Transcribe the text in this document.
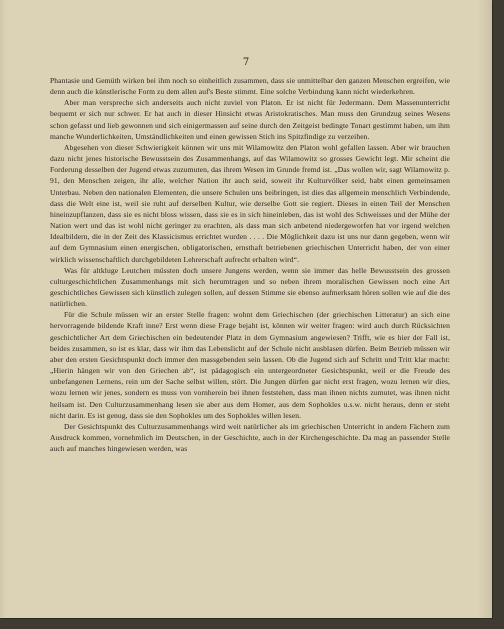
7

Phantasie und Gemüth wirken bei ihm noch so einheitlich zusammen, dass sie unmittelbar den ganzen Menschen ergreifen, wie denn auch die künstlerische Form zu dem allen auf's Beste stimmt. Eine solche Verbindung kann nicht wiederkehren.

Aber man verspreche sich anderseits auch nicht zuviel von Platon. Er ist nicht für Jedermann. Dem Massenunterricht bequemt er sich nur schwer. Er hat auch in dieser Hinsicht etwas Aristokratisches. Man muss den Grundzug seines Wesens schon gefasst und lieb gewonnen und sich einigermassen auf seine durch den Zeitgeist bedingte Tonart gestimmt haben, um ihm manche Wunderlichkeiten, Umständlichkeiten und einen gewissen Stich ins Spitzfindige zu verzeihen.

Abgesehen von dieser Schwierigkeit können wir uns mit Wilamowitz den Platon wohl gefallen lassen. Aber wir brauchen dazu nicht jenes historische Bewusstsein des Zusammenhangs, auf das Wilamowitz so grosses Gewicht legt. Mir scheint die Forderung desselben der Jugend etwas zuzumuten, das ihrem Wesen im Grunde fremd ist. „Das wollen wir, sagt Wilamowitz p. 91, den Menschen zeigen, ihr alle, welcher Nation ihr auch seid, soweit ihr Kulturvölker seid, habt einen gemeinsamen Unterbau. Neben den nationalen Elementen, die unsere Schulen uns beibringen, ist dies das allgemein menschlich Verbindende, dass die Welt eine ist, weil sie ruht auf derselben Kultur, wie derselbe Gott sie regiert. Dieses in einen Teil der Menschen hineinzupflanzen, dass sie es nicht bloss wissen, dass sie es in sich hineinleben, das ist wohl des Schweisses und der Mühe der Nation wert und das ist wohl nicht geringer zu erachten, als dass man sich anbetend niedergeworfen hat vor irgend welchen Idealbildern, die in der Zeit des Klassicismus errichtet wurden . . . . Die Möglichkeit dazu ist uns nur dann gegeben, wenn wir auf dem Gymnasium einen energischen, obligatorischen, ernsthaft betriebenen griechischen Unterricht haben, der von einer wirklich wissenschaftlich durchgebildeten Lehrerschaft aufrecht erhalten wird“.

Was für altkluge Leutchen müssten doch unsere Jungens werden, wenn sie immer das helle Bewusstsein des grossen culturgeschichtlichen Zusammenhangs mit sich herumtragen und so neben ihrem moralischen Gewissen noch eine Art geschichtliches Gewissen sich künstlich zulegen sollen, auf dessen Stimme sie ebenso aufmerksam hören sollen wie auf die des natürlichen.

Für die Schule müssen wir an erster Stelle fragen: wohnt dem Griechischen (der griechischen Litteratur) an sich eine hervorragende bildende Kraft inne? Erst wenn diese Frage bejaht ist, können wir weiter fragen: wird auch durch Rücksichten geschichtlicher Art dem Griechischen ein bedeutender Platz in dem Gymnasium angewiesen? Trifft, wie es hier der Fall ist, beides zusammen, so ist es klar, dass wir ihm das Lebenslicht auf der Schule nicht ausblasen dürfen. Beim Betrieb müssen wir aber den ersten Gesichtspunkt doch immer den massgebenden sein lassen. Ob die Jugend sich auf Schritt und Tritt klar macht: „Hierin hängen wir von den Griechen ab“, ist pädagogisch ein untergeordneter Gesichtspunkt, weil er die Freude des unbefangenen Lernens, rein um der Sache selbst willen, stört. Die Jungen dürfen gar nicht erst fragen, wozu lernen wir dies, wozu lernen wir jenes, sondern es muss von vornherein bei ihnen feststehen, dass man ihnen nichts zumutet, was ihnen nicht heilsam ist. Den Culturzusammenhang lesen sie aber aus dem Homer, aus dem Sophokles u.s.w. nicht heraus, denn er steht nicht darin. Es ist genug, dass sie den Sophokles um des Sophokles willen lesen.

Der Gesichtspunkt des Culturzusammenhangs wird weit natürlicher als im griechischen Unterricht in andern Fächern zum Ausdruck kommen, vornehmlich im Deutschen, in der Geschichte, auch in der Kirchengeschichte. Da mag an passender Stelle auch auf manches hingewiesen werden, was
